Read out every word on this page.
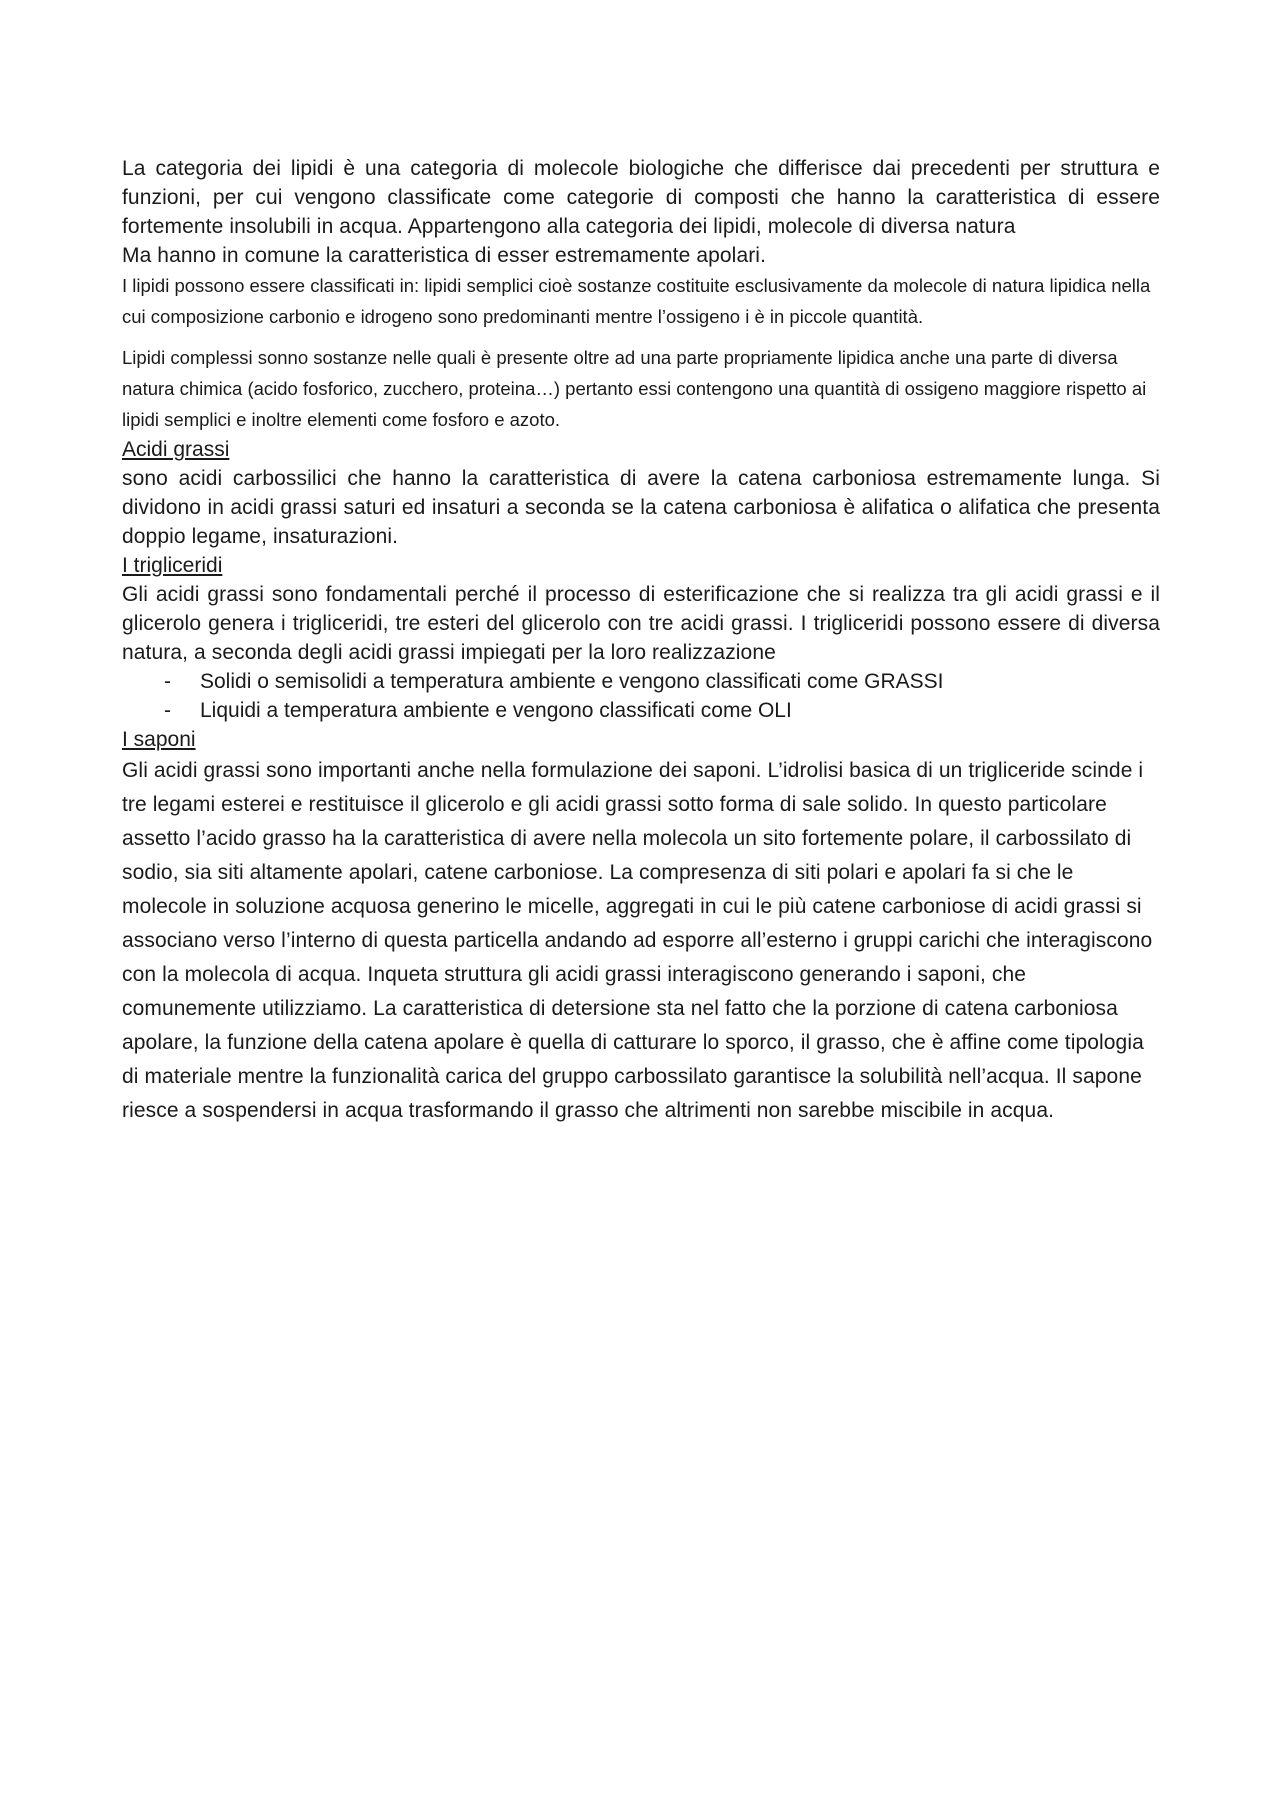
La categoria dei lipidi è una categoria di molecole biologiche che differisce dai precedenti per struttura e funzioni, per cui vengono classificate come categorie di composti che hanno la caratteristica di essere fortemente insolubili in acqua. Appartengono alla categoria dei lipidi, molecole di diversa natura

Ma hanno in comune la caratteristica di esser estremamente apolari.

I lipidi possono essere classificati in: lipidi semplici cioè sostanze costituite esclusivamente da molecole di natura lipidica nella cui composizione carbonio e idrogeno sono predominanti mentre l’ossigeno i è in piccole quantità.

Lipidi complessi sonno sostanze nelle quali è presente oltre ad una parte propriamente lipidica anche una parte di diversa natura chimica (acido fosforico, zucchero, proteina…) pertanto essi contengono una quantità di ossigeno maggiore rispetto ai lipidi semplici e inoltre elementi come fosforo e azoto.

Acidi grassi

sono acidi carbossilici che hanno la caratteristica di avere la catena carboniosa estremamente lunga. Si dividono in acidi grassi saturi ed insaturi a seconda se la catena carboniosa è alifatica o alifatica che presenta doppio legame, insaturazioni.

I trigliceridi

Gli acidi grassi sono fondamentali perché il processo di esterificazione che si realizza tra gli acidi grassi e il glicerolo genera i trigliceridi, tre esteri del glicerolo con tre acidi grassi. I trigliceridi possono essere di diversa natura, a seconda degli acidi grassi impiegati per la loro realizzazione

- Solidi o semisolidi a temperatura ambiente e vengono classificati come GRASSI
- Liquidi a temperatura ambiente e vengono classificati come OLI

I saponi

Gli acidi grassi sono importanti anche nella formulazione dei saponi. L’idrolisi basica di un trigliceride scinde i tre legami esterei e restituisce il glicerolo e gli acidi grassi sotto forma di sale solido. In questo particolare assetto l’acido grasso ha la caratteristica di avere nella molecola un sito fortemente polare, il carbossilato di sodio, sia siti altamente apolari, catene carboniose. La compresenza di siti polari e apolari fa si che le molecole in soluzione acquosa generino le micelle, aggregati in cui le più catene carboniose di acidi grassi si associano verso l’interno di questa particella andando ad esporre all’esterno i gruppi carichi che interagiscono con la molecola di acqua. Inqueta struttura gli acidi grassi interagiscono generando i saponi, che comunemente utilizziamo. La caratteristica di detersione sta nel fatto che la porzione di catena carboniosa apolare, la funzione della catena apolare è quella di catturare lo sporco, il grasso, che è affine come tipologia di materiale mentre la funzionalità carica del gruppo carbossilato garantisce la solubilità nell’acqua. Il sapone riesce a sospendersi in acqua trasformando il grasso che altrimenti non sarebbe miscibile in acqua.
